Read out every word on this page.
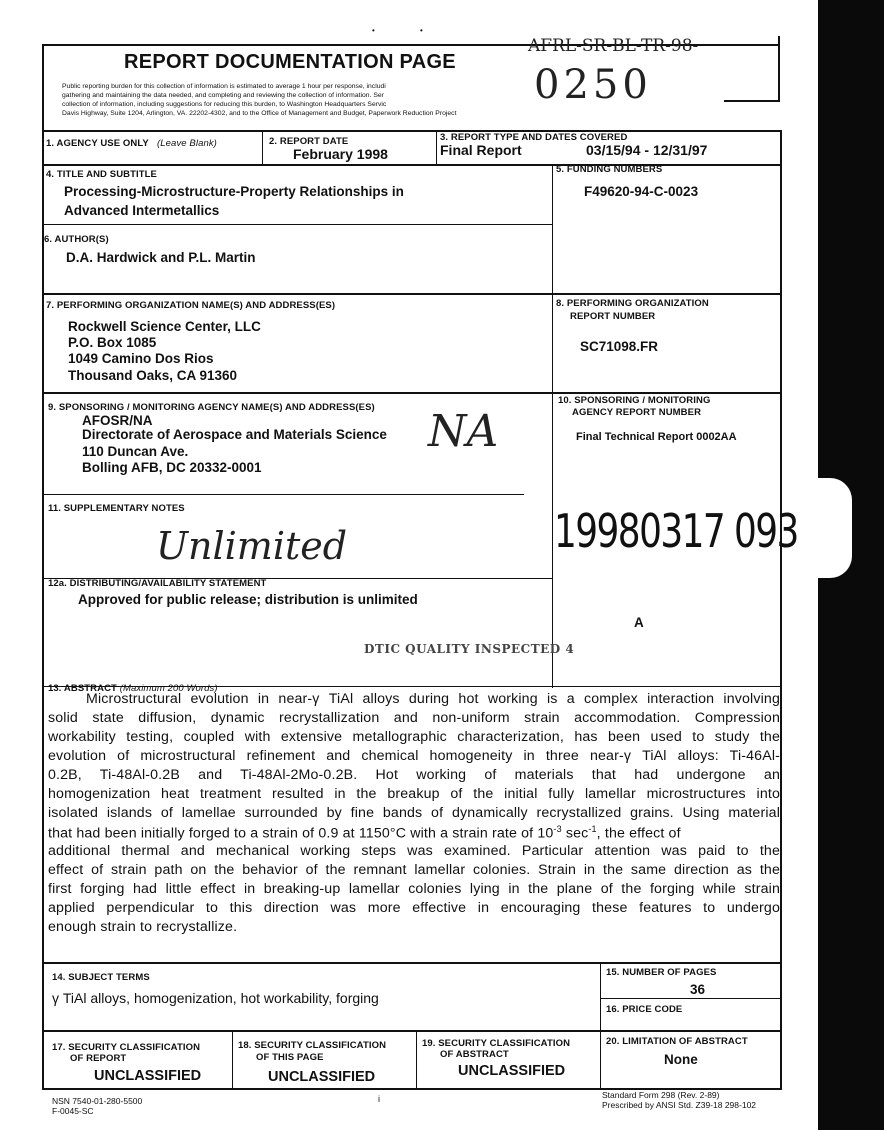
REPORT DOCUMENTATION PAGE
•	•
AFRL-SR-BL-TR-98-
0250
Public reporting burden for this collection of information is estimated to average 1 hour per response, includi
gathering and maintaining the data needed, and completing and reviewing the collection of information. Ser
collection of information, including suggestions for reducing this burden, to Washington Headquarters Servic
Davis Highway, Suite 1204, Arlington, VA. 22202-4302, and to the Office of Management and Budget, Paperwork Reduction Project
1. AGENCY USE ONLY (Leave Blank)	2. REPORT DATE
February 1998
3. REPORT TYPE AND DATES COVERED
Final Report	03/15/94 - 12/31/97
4. TITLE AND SUBTITLE
Processing-Microstructure-Property Relationships in
Advanced Intermetallics
5. FUNDING NUMBERS
F49620-94-C-0023
6. AUTHOR(S)
D.A. Hardwick and P.L. Martin
7. PERFORMING ORGANIZATION NAME(S) AND ADDRESS(ES)
Rockwell Science Center, LLC
P.O. Box 1085
1049 Camino Dos Rios
Thousand Oaks, CA 91360
8. PERFORMING ORGANIZATION
REPORT NUMBER
SC71098.FR
9. SPONSORING / MONITORING AGENCY NAME(S) AND ADDRESS(ES)
AFOSR/NA
Directorate of Aerospace and Materials Science
110 Duncan Ave.
Bolling AFB, DC 20332-0001
NA
10. SPONSORING / MONITORING
AGENCY REPORT NUMBER
Final Technical Report 0002AA
11. SUPPLEMENTARY NOTES
Unlimited	19980317 093
12a. DISTRIBUTING/AVAILABILITY STATEMENT
Approved for public release; distribution is unlimited
A
DTIC QUALITY INSPECTED 4
13. ABSTRACT (Maximum 200 Words)
Microstructural evolution in near-γ TiAl alloys during hot working is a complex interaction involving
solid state diffusion, dynamic recrystallization and non-uniform strain accommodation. Compression
workability testing, coupled with extensive metallographic characterization, has been used to study the
evolution of microstructural refinement and chemical homogeneity in three near-γ TiAl alloys: Ti-46Al-
0.2B, Ti-48Al-0.2B and Ti-48Al-2Mo-0.2B. Hot working of materials that had undergone an
homogenization heat treatment resulted in the breakup of the initial fully lamellar microstructures into
isolated islands of lamellae surrounded by fine bands of dynamically recrystallized grains. Using material
that had been initially forged to a strain of 0.9 at 1150°C with a strain rate of $10^{-3}$ $\sec^{-1}$, the effect of
additional thermal and mechanical working steps was examined. Particular attention was paid to the
effect of strain path on the behavior of the remnant lamellar colonies. Strain in the same direction as the
first forging had little effect in breaking-up lamellar colonies lying in the plane of the forging while strain
applied perpendicular to this direction was more effective in encouraging these features to undergo
enough strain to recrystallize.
14. SUBJECT TERMS
γ TiAl alloys, homogenization, hot workability, forging
15. NUMBER OF PAGES
36
16. PRICE CODE
17. SECURITY CLASSIFICATION
OF REPORT
UNCLASSIFIED
18. SECURITY CLASSIFICATION
OF THIS PAGE
UNCLASSIFIED
19. SECURITY CLASSIFICATION
OF ABSTRACT
UNCLASSIFIED
20. LIMITATION OF ABSTRACT
None
NSN 7540-01-280-5500
F-0045-SC
i	Standard Form 298 (Rev. 2-89)
Prescribed by ANSI Std. Z39-18 298-102
